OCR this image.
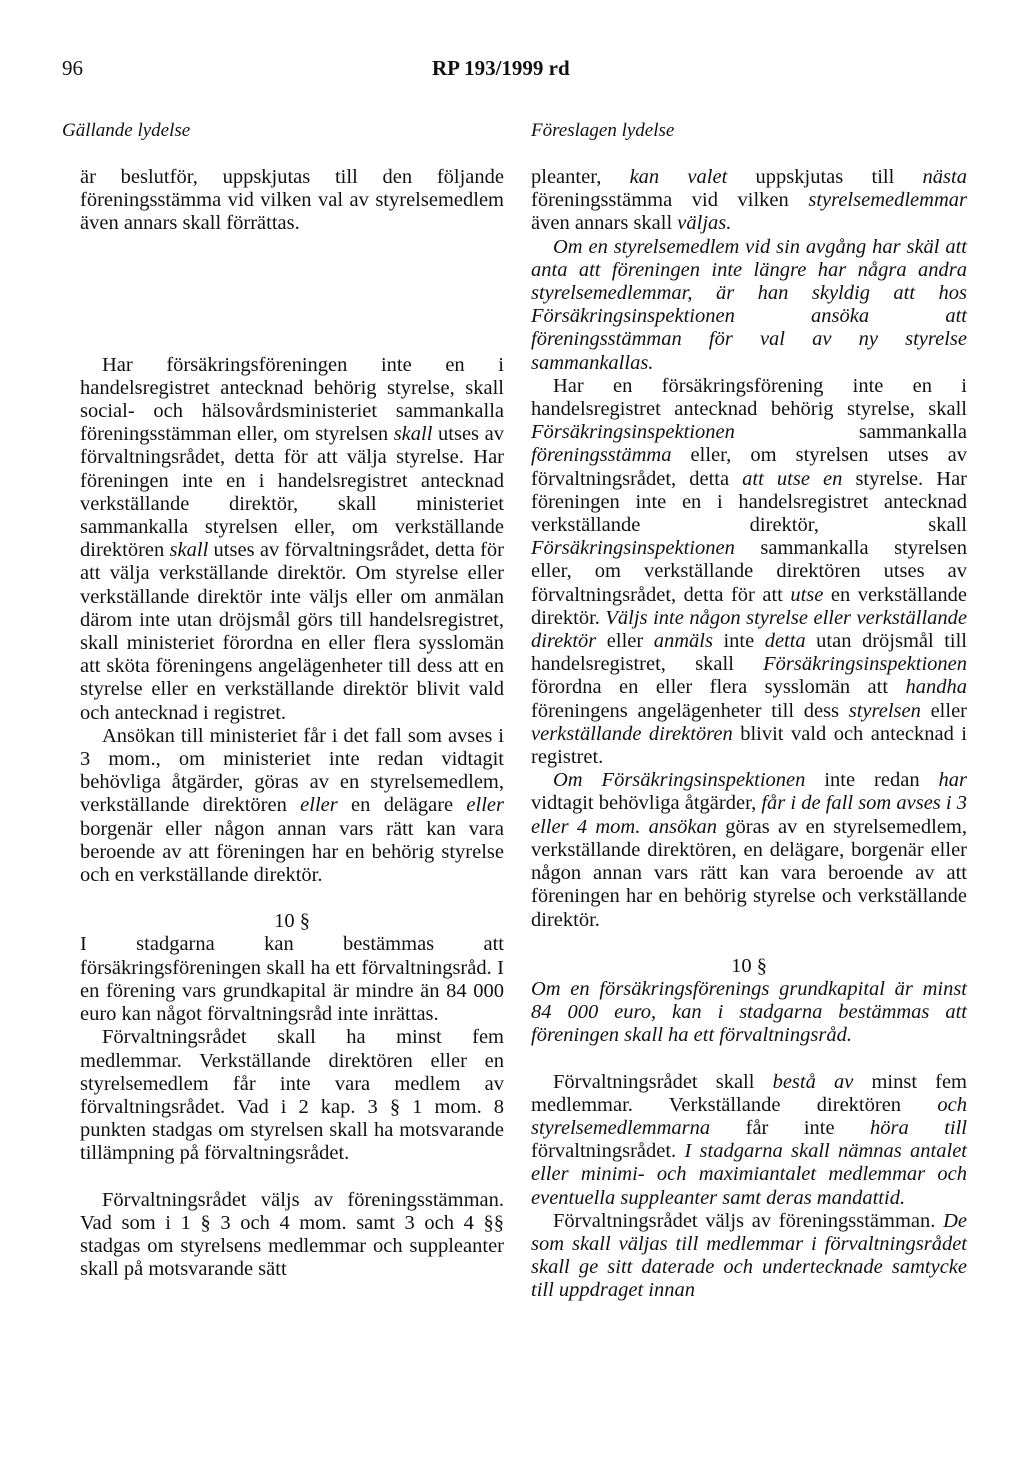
96	RP 193/1999 rd
Gällande lydelse	Föreslagen lydelse

är beslutför, uppskjutas till den följande föreningsstämma vid vilken val av styrelsemedlem även annars skall förrättas.

Har försäkringsföreningen inte en i handelsregistret antecknad behörig styrelse, skall social- och hälsovårdsministeriet sammankalla föreningsstämman eller, om styrelsen skall utses av förvaltningsrådet, detta för att välja styrelse. Har föreningen inte en i handelsregistret antecknad verkställande direktör, skall ministeriet sammankalla styrelsen eller, om verkställande direktören skall utses av förvaltningsrådet, detta för att välja verkställande direktör. Om styrelse eller verkställande direktör inte väljs eller om anmälan därom inte utan dröjsmål görs till handelsregistret, skall ministeriet förordna en eller flera sysslomän att sköta föreningens angelägenheter till dess att en styrelse eller en verkställande direktör blivit vald och antecknad i registret.

Ansökan till ministeriet får i det fall som avses i 3 mom., om ministeriet inte redan vidtagit behövliga åtgärder, göras av en styrelsemedlem, verkställande direktören eller en delägare eller borgenär eller någon annan vars rätt kan vara beroende av att föreningen har en behörig styrelse och en verkställande direktör.

10 §

I stadgarna kan bestämmas att försäkringsföreningen skall ha ett förvaltningsråd. I en förening vars grundkapital är mindre än 84 000 euro kan något förvaltningsråd inte inrättas.

Förvaltningsrådet skall ha minst fem medlemmar. Verkställande direktören eller en styrelsemedlem får inte vara medlem av förvaltningsrådet. Vad i 2 kap. 3 § 1 mom. 8 punkten stadgas om styrelsen skall ha motsvarande tillämpning på förvaltningsrådet.

Förvaltningsrådet väljs av föreningsstämman. Vad som i 1 § 3 och 4 mom. samt 3 och 4 §§ stadgas om styrelsens medlemmar och suppleanter skall på motsvarande sätt

pleanter, kan valet uppskjutas till nästa föreningsstämma vid vilken styrelsemedlemmar även annars skall väljas.

Om en styrelsemedlem vid sin avgång har skäl att anta att föreningen inte längre har några andra styrelsemedlemmar, är han skyldig att hos Försäkringsinspektionen ansöka att föreningsstämman för val av ny styrelse sammankallas.

Har en försäkringsförening inte en i handelsregistret antecknad behörig styrelse, skall Försäkringsinspektionen sammankalla föreningsstämma eller, om styrelsen utses av förvaltningsrådet, detta att utse en styrelse. Har föreningen inte en i handelsregistret antecknad verkställande direktör, skall Försäkringsinspektionen sammankalla styrelsen eller, om verkställande direktören utses av förvaltningsrådet, detta för att utse en verkställande direktör. Väljs inte någon styrelse eller verkställande direktör eller anmäls inte detta utan dröjsmål till handelsregistret, skall Försäkringsinspektionen förordna en eller flera sysslomän att handha föreningens angelägenheter till dess styrelsen eller verkställande direktören blivit vald och antecknad i registret.

Om Försäkringsinspektionen inte redan har vidtagit behövliga åtgärder, får i de fall som avses i 3 eller 4 mom. ansökan göras av en styrelsemedlem, verkställande direktören, en delägare, borgenär eller någon annan vars rätt kan vara beroende av att föreningen har en behörig styrelse och verkställande direktör.

10 §

Om en försäkringsförenings grundkapital är minst 84 000 euro, kan i stadgarna bestämmas att föreningen skall ha ett förvaltningsråd.

Förvaltningsrådet skall bestå av minst fem medlemmar. Verkställande direktören och styrelsemedlemmarna får inte höra till förvaltningsrådet. I stadgarna skall nämnas antalet eller minimi- och maximiantalet medlemmar och eventuella suppleanter samt deras mandattid.

Förvaltningsrådet väljs av föreningsstämman. De som skall väljas till medlemmar i förvaltningsrådet skall ge sitt daterade och undertecknade samtycke till uppdraget innan
